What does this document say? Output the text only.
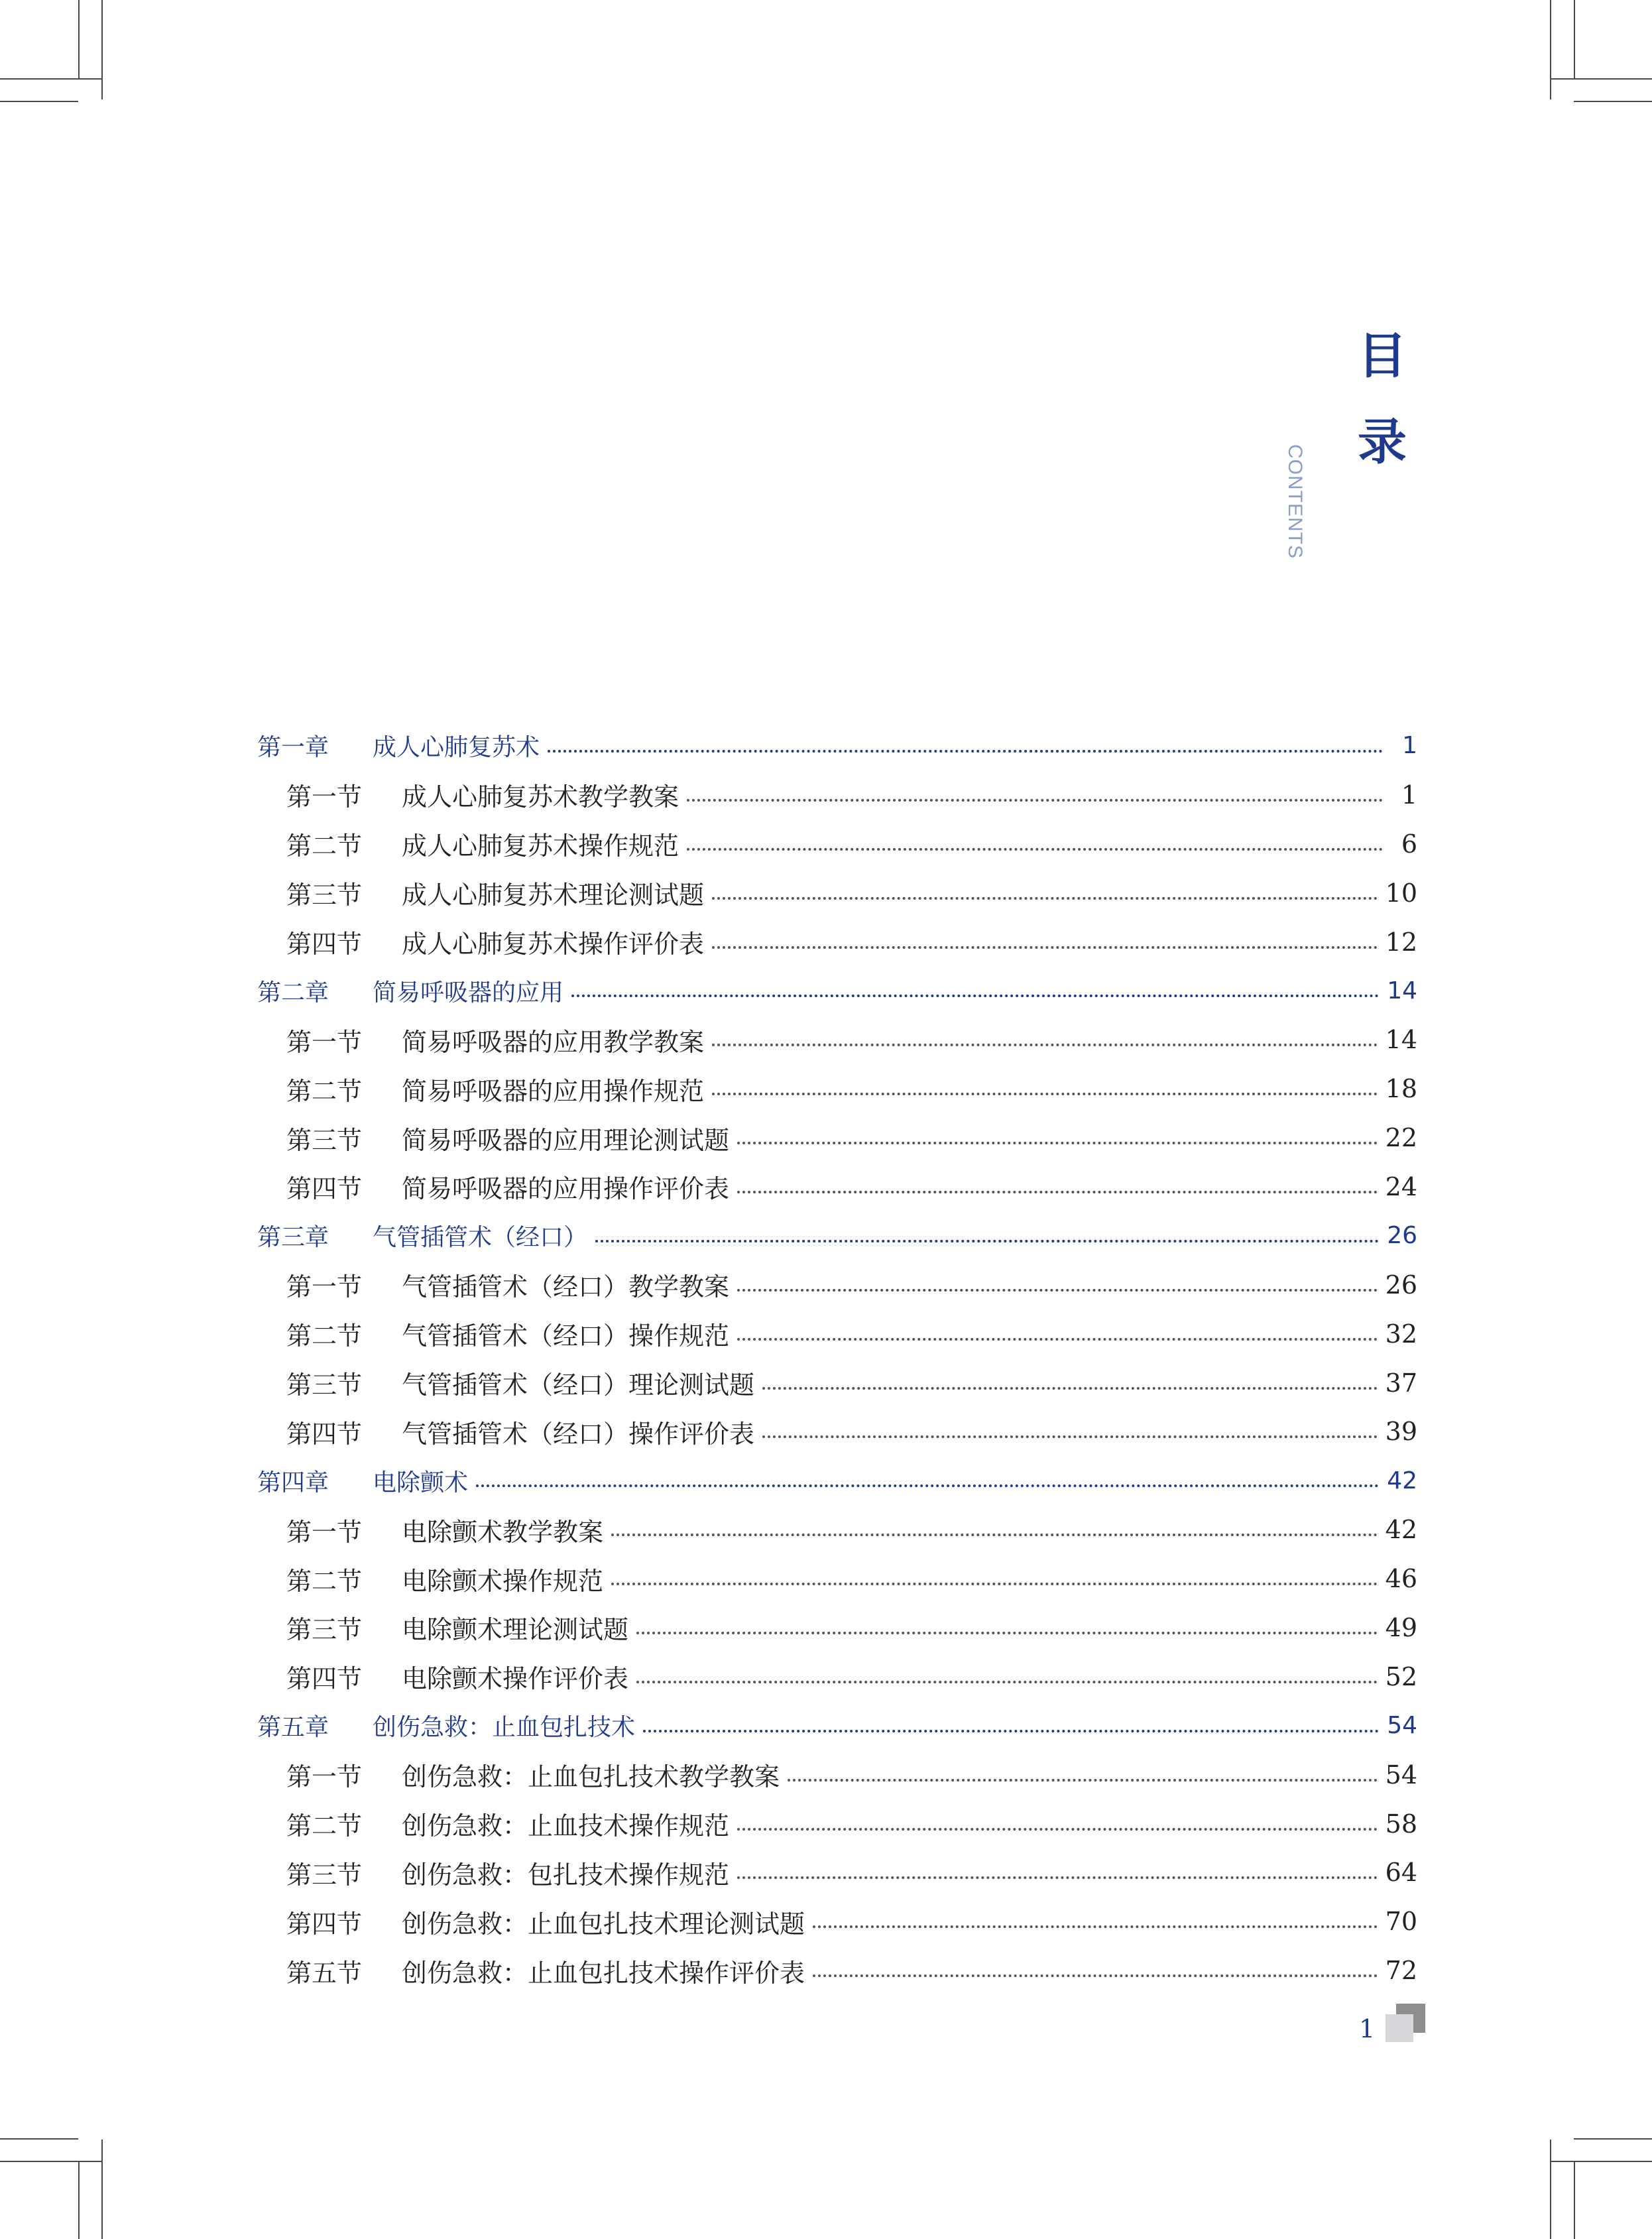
目
录
CONTENTS
第一章	成人心肺复苏术	1
第一节	成人心肺复苏术教学教案	1
第二节	成人心肺复苏术操作规范	6
第三节	成人心肺复苏术理论测试题	10
第四节	成人心肺复苏术操作评价表	12
第二章	简易呼吸器的应用	14
第一节	简易呼吸器的应用教学教案	14
第二节	简易呼吸器的应用操作规范	18
第三节	简易呼吸器的应用理论测试题	22
第四节	简易呼吸器的应用操作评价表	24
第三章	气管插管术（经口）	26
第一节	气管插管术（经口）教学教案	26
第二节	气管插管术（经口）操作规范	32
第三节	气管插管术（经口）理论测试题	37
第四节	气管插管术（经口）操作评价表	39
第四章	电除颤术	42
第一节	电除颤术教学教案	42
第二节	电除颤术操作规范	46
第三节	电除颤术理论测试题	49
第四节	电除颤术操作评价表	52
第五章	创伤急救：止血包扎技术	54
第一节	创伤急救：止血包扎技术教学教案	54
第二节	创伤急救：止血技术操作规范	58
第三节	创伤急救：包扎技术操作规范	64
第四节	创伤急救：止血包扎技术理论测试题	70
第五节	创伤急救：止血包扎技术操作评价表	72
1
